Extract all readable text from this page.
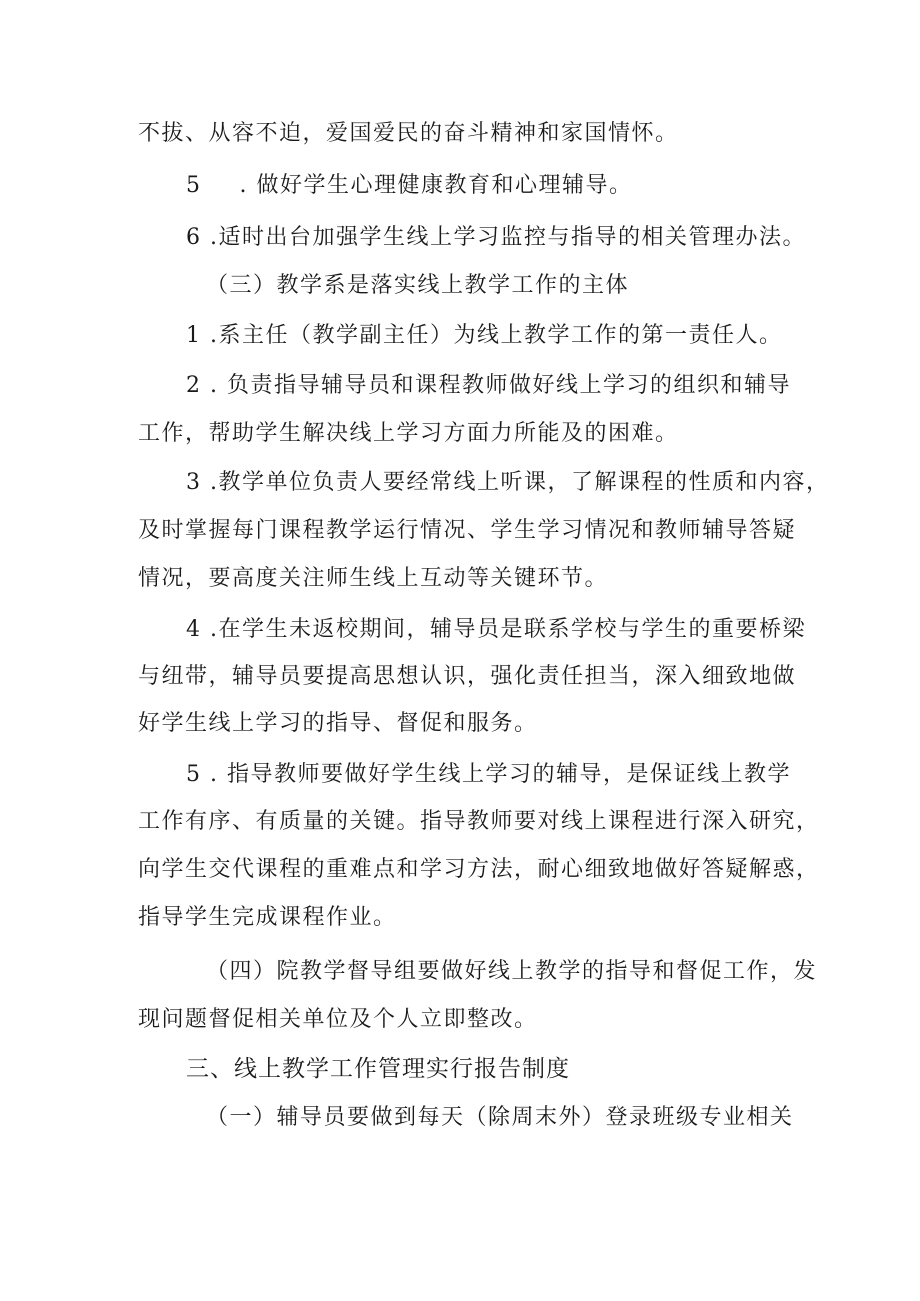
不拔、从容不迫，爱国爱民的奋斗精神和家国情怀。
5 . 做好学生心理健康教育和心理辅导。
6 .适时出台加强学生线上学习监控与指导的相关管理办法。
（三）教学系是落实线上教学工作的主体
1 .系主任（教学副主任）为线上教学工作的第一责任人。
2 . 负责指导辅导员和课程教师做好线上学习的组织和辅导
工作，帮助学生解决线上学习方面力所能及的困难。
3 .教学单位负责人要经常线上听课，了解课程的性质和内容，
及时掌握每门课程教学运行情况、学生学习情况和教师辅导答疑
情况，要高度关注师生线上互动等关键环节。
4 .在学生未返校期间，辅导员是联系学校与学生的重要桥梁
与纽带，辅导员要提高思想认识，强化责任担当，深入细致地做
好学生线上学习的指导、督促和服务。
5 . 指导教师要做好学生线上学习的辅导，是保证线上教学
工作有序、有质量的关键。指导教师要对线上课程进行深入研究，
向学生交代课程的重难点和学习方法，耐心细致地做好答疑解惑，
指导学生完成课程作业。
（四）院教学督导组要做好线上教学的指导和督促工作，发
现问题督促相关单位及个人立即整改。
三、线上教学工作管理实行报告制度
（一）辅导员要做到每天（除周末外）登录班级专业相关
